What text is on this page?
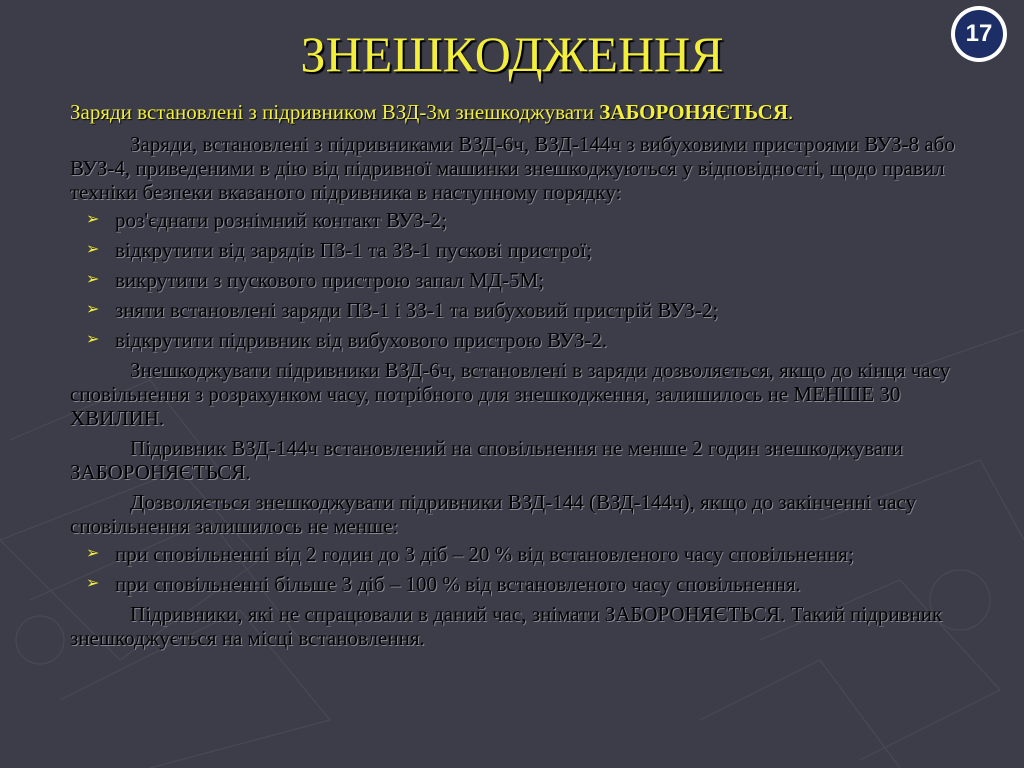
17
ЗНЕШКОДЖЕННЯ
Заряди встановлені з підривником ВЗД-3м знешкоджувати ЗАБОРОНЯЄТЬСЯ.
Заряди, встановлені з підривниками ВЗД-6ч, ВЗД-144ч з вибуховими пристроями ВУЗ-8 або ВУЗ-4, приведеними в дію від підривної машинки знешкоджуються у відповідності, щодо правил техніки безпеки вказаного підривника в наступному порядку:
➢ роз'єднати рознімний контакт ВУЗ-2;
➢ відкрутити від зарядів ПЗ-1 та ЗЗ-1 пускові пристрої;
➢ викрутити з пускового пристрою запал МД-5М;
➢ зняти встановлені заряди ПЗ-1 і ЗЗ-1 та вибуховий пристрій ВУЗ-2;
➢ відкрутити підривник від вибухового пристрою ВУЗ-2.
Знешкоджувати підривники ВЗД-6ч, встановлені в заряди дозволяється, якщо до кінця часу сповільнення з розрахунком часу, потрібного для знешкодження, залишилось не МЕНШЕ 30 ХВИЛИН.
Підривник ВЗД-144ч встановлений на сповільнення не менше 2 годин знешкоджувати ЗАБОРОНЯЄТЬСЯ.
Дозволяється знешкоджувати підривники ВЗД-144 (ВЗД-144ч), якщо до закінченні часу сповільнення залишилось не менше:
➢ при сповільненні від 2 годин до 3 діб – 20 % від встановленого часу сповільнення;
➢ при сповільненні більше 3 діб – 100 % від встановленого часу сповільнення.
Підривники, які не спрацювали в даний час, знімати ЗАБОРОНЯЄТЬСЯ. Такий підривник знешкоджується на місці встановлення.
